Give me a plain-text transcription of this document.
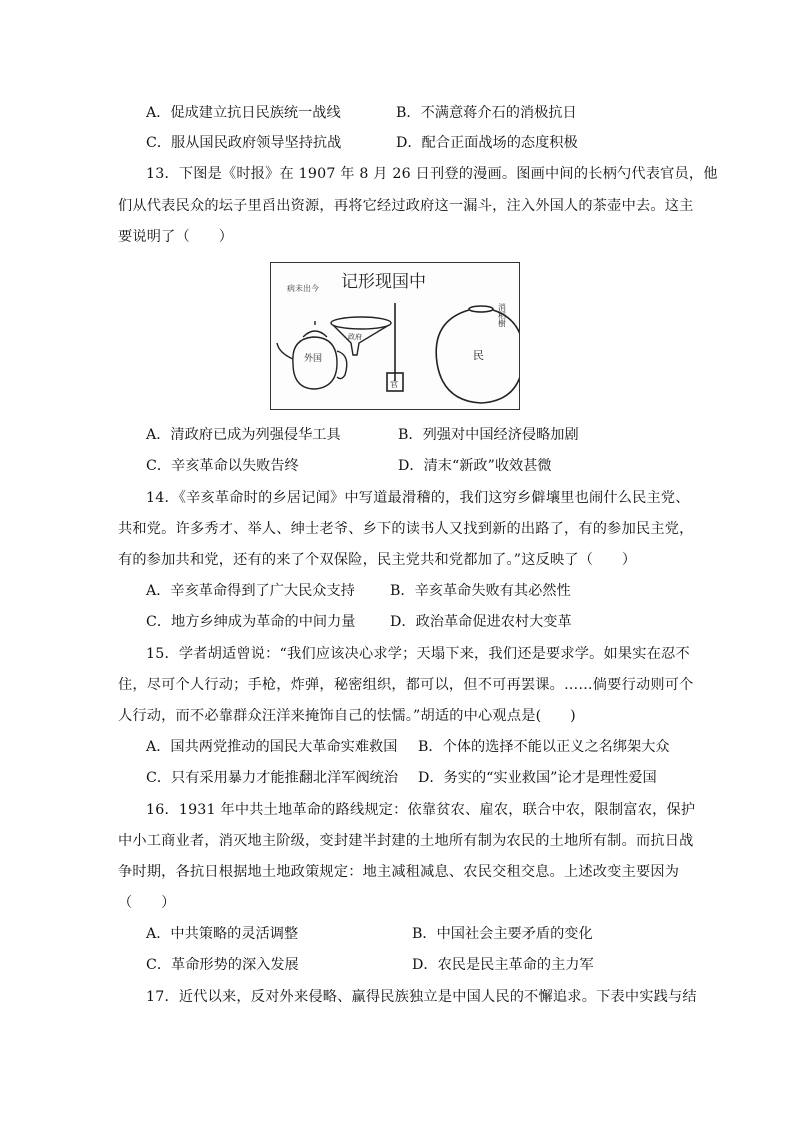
A．促成建立抗日民族统一战线	B．不满意蒋介石的消极抗日
C．服从国民政府领导坚持抗战	D．配合正面战场的态度积极
13．下图是《时报》在 1907 年 8 月 26 日刊登的漫画。图画中间的长柄勺代表官员，他
们从代表民众的坛子里舀出资源，再将它经过政府这一漏斗，注入外国人的茶壶中去。这主
要说明了（　　）
记形现国中
病未出今
消稻樹
外国
政府
官
民
A．清政府已成为列强侵华工具	B．列强对中国经济侵略加剧
C．辛亥革命以失败告终	D．清末“新政”收效甚微
14．《辛亥革命时的乡居记闻》中写道最滑稽的，我们这穷乡僻壤里也闹什么民主党、
共和党。许多秀才、举人、绅士老爷、乡下的读书人又找到新的出路了，有的参加民主党，
有的参加共和党，还有的来了个双保险，民主党共和党都加了。”这反映了（　　）
A．辛亥革命得到了广大民众支持 B．辛亥革命失败有其必然性
C．地方乡绅成为革命的中间力量 D．政治革命促进农村大变革
15．学者胡适曾说：“我们应该决心求学；天塌下来，我们还是要求学。如果实在忍不
住，尽可个人行动；手枪，炸弹，秘密组织，都可以，但不可再罢课。……倘要行动则可个
人行动，而不必靠群众汪洋来掩饰自己的怯懦。”胡适的中心观点是(　　)
A．国共两党推动的国民大革命实难救国 B．个体的选择不能以正义之名绑架大众
C．只有采用暴力才能推翻北洋军阀统治 D．务实的“实业救国”论才是理性爱国
16．1931 年中共土地革命的路线规定：依靠贫农、雇农，联合中农，限制富农，保护
中小工商业者，消灭地主阶级，变封建半封建的土地所有制为农民的土地所有制。而抗日战
争时期，各抗日根据地土地政策规定：地主减租减息、农民交租交息。上述改变主要因为
（　　）
A．中共策略的灵活调整	B．中国社会主要矛盾的变化
C．革命形势的深入发展	D．农民是民主革命的主力军
17．近代以来，反对外来侵略、赢得民族独立是中国人民的不懈追求。下表中实践与结
